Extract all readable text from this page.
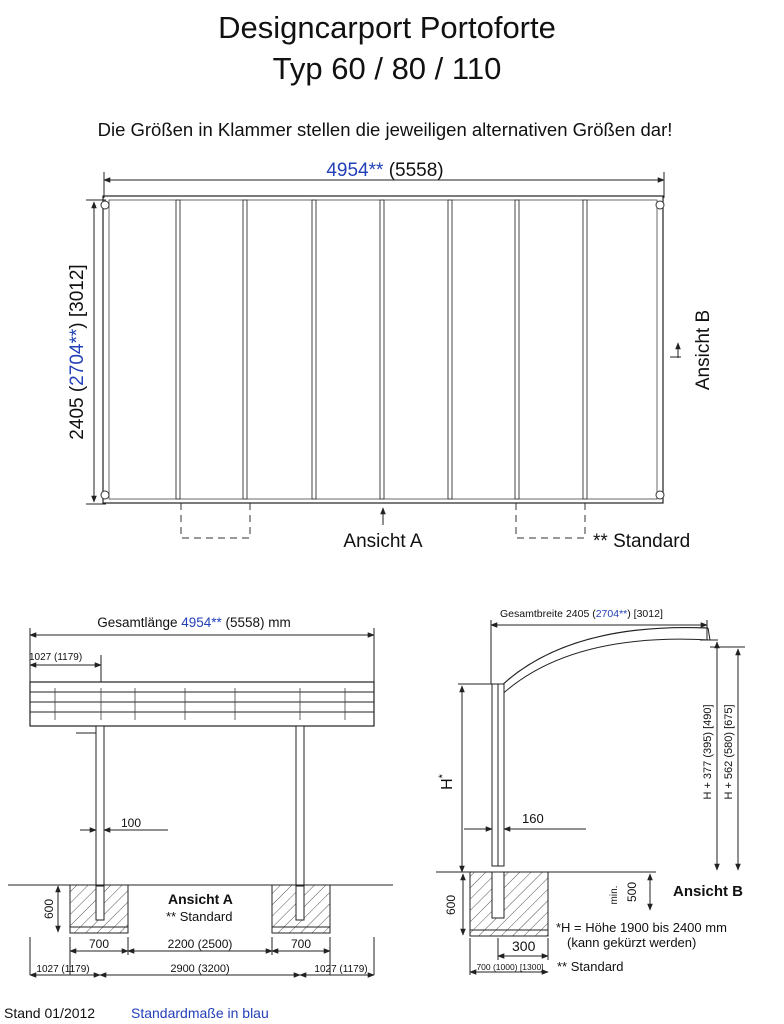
Designcarport Portoforte
Typ 60 / 80 / 110
Die Größen in Klammer stellen die jeweiligen alternativen Größen dar!
4954** (5558)
2405 (2704**) [3012]
Ansicht A
Ansicht B
** Standard
Gesamtlänge 4954** (5558) mm
1027 (1179)
100
600	Ansicht A
** Standard
700	2200 (2500)	700
1027 (1179)	2900 (3200)	1027 (1179)
Gesamtbreite 2405 (2704**) [3012]
H*
160
H + 377 (395) [490] H + 562 (580) [675]
min. 500 Ansicht B
600
*H = Höhe 1900 bis 2400 mm
(kann gekürzt werden)
300
700 (1000) [1300] ** Standard
Stand 01/2012	Standardmaße in blau
